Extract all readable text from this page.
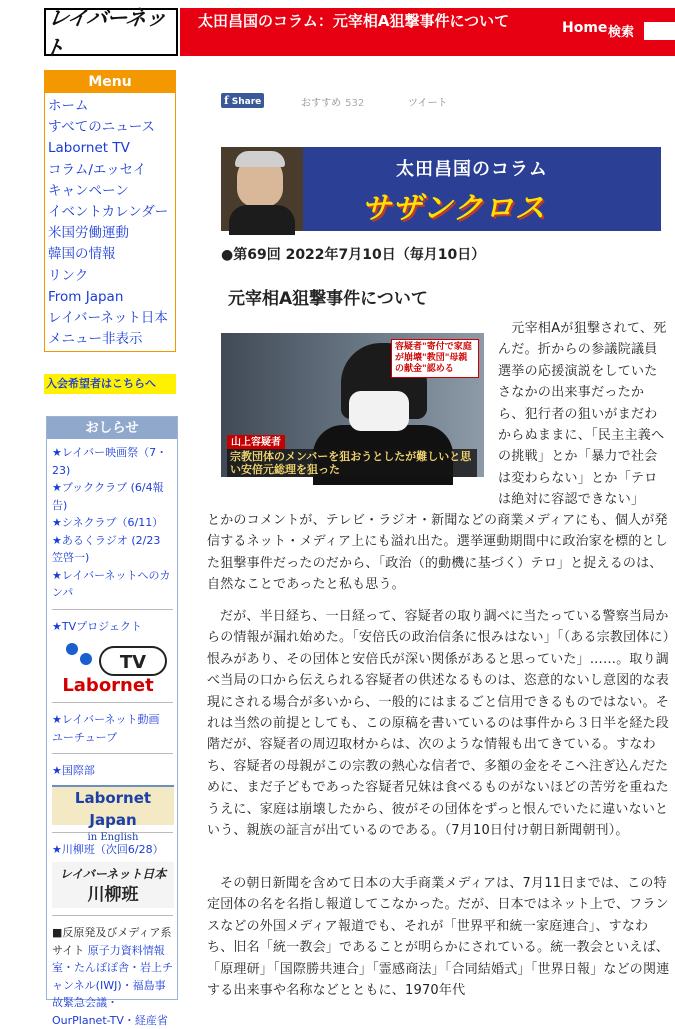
レイバーネット
太田昌国のコラム：元宰相A狙撃事件について	Home 検索
Menu
ホーム
すべてのニュース
Labornet TV
コラム/エッセイ
キャンペーン
イベントカレンダー
米国労働運動
韓国の情報
リンク
From Japan
レイバーネット日本
メニュー非表示
入会希望者はこちらへ
おしらせ
★レイバー映画祭（7・23)
★ブッククラブ (6/4報告)
★シネクラブ（6/11）
★あるくラジオ (2/23 笠啓一)
★レイバーネットへのカンパ
★TVプロジェクト
TV
Labornet
★レイバーネット動画　ユーチューブ
★国際部
Labornet Japan
in English
★川柳班（次回6/28）
レイバーネット日本
川柳班
■反原発及びメディア系サイト 原子力資料情報室・たんぽぽ舎・岩上チャンネル(IWJ)・福島事故緊急会議・OurPlanet-TV・経産省
f Share	おすすめ 532	ツイート
太田昌国のコラム
サザンクロス
●第69回 2022年7月10日（毎月10日）
元宰相A狙撃事件について
容疑者"寄付で家庭が崩壊"教団"母親の献金"認める
山上容疑者
宗教団体のメンバーを狙おうとしたが難しいと思い安倍元総理を狙った
　元宰相Aが狙撃されて、死んだ。折からの参議院議員選挙の応援演説をしていたさなかの出来事だったから、犯行者の狙いがまだわからぬままに、「民主主義への挑戦」とか「暴力で社会は変わらない」とか「テロは絶対に容認できない」
とかのコメントが、テレビ・ラジオ・新聞などの商業メディアにも、個人が発信するネット・メディア上にも溢れ出た。選挙運動期間中に政治家を標的とした狙撃事件だったのだから、「政治（的動機に基づく）テロ」と捉えるのは、自然なことであったと私も思う。
だが、半日経ち、一日経って、容疑者の取り調べに当たっている警察当局からの情報が漏れ始めた。「安倍氏の政治信条に恨みはない」「（ある宗教団体に）恨みがあり、その団体と安倍氏が深い関係があると思っていた」……。取り調べ当局の口から伝えられる容疑者の供述なるものは、恣意的ないし意図的な表現にされる場合が多いから、一般的にはまるごと信用できるものではない。それは当然の前提としても、この原稿を書いているのは事件から３日半を経た段階だが、容疑者の周辺取材からは、次のような情報も出てきている。すなわち、容疑者の母親がこの宗教の熱心な信者で、多額の金をそこへ注ぎ込んだために、まだ子どもであった容疑者兄妹は食べるものがないほどの苦労を重ねたうえに、家庭は崩壊したから、彼がその団体をずっと恨んでいたに違いないという、親族の証言が出ているのである。（7月10日付け朝日新聞朝刊）。
その朝日新聞を含めて日本の大手商業メディアは、7月11日までは、この特定団体の名を名指し報道してこなかった。だが、日本ではネット上で、フランスなどの外国メディア報道でも、それが「世界平和統一家庭連合」、すなわち、旧名「統一教会」であることが明らかにされている。統一教会といえば、「原理研」「国際勝共連合」「霊感商法」「合同結婚式」「世界日報」などの関連する出来事や名称などとともに、1970年代
